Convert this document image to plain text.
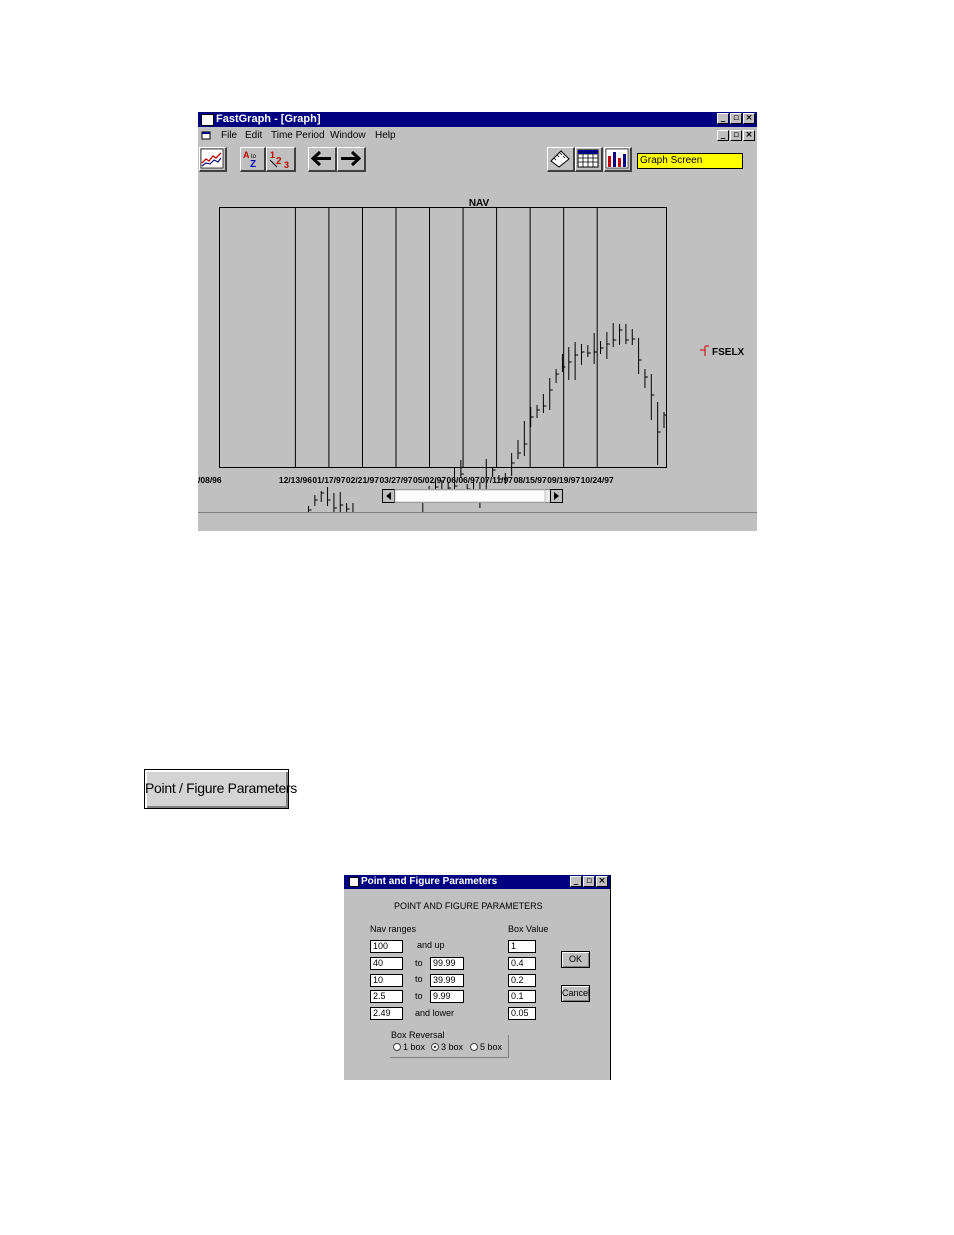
FastGraph - [Graph]	_ ▫ ×
File Edit Time Period Window Help	_ ▫ ×
A to
Z
1
2 3	Graph Screen
NAV
/08/96	12/13/96 01/17/97 02/21/97 03/27/97 05/02/97 06/06/97 07/11/97 08/15/97 09/19/97 10/24/97
FSELX
Point / Figure Parameters
Point and Figure Parameters	_ ▫ ×
POINT AND FIGURE PARAMETERS
Nav ranges	Box Value
100	and up	1
40	to	99.99	0.4
10	to	39.99	0.2
2.5	to	9.99	0.1
2.49	and lower	0.05
OK
Cancel
Box Reversal
1 box 3 box 5 box
